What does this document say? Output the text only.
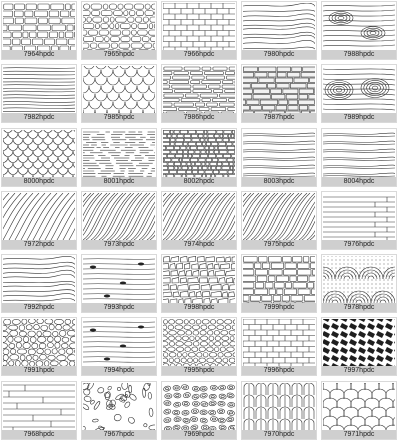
7964hpdc	7965hpdc	7966hpdc	7980hpdc	7988hpdc
7982hpdc	7985hpdc	7986hpdc	7987hpdc	7989hpdc
8000hpdc	8001hpdc	8002hpdc	8003hpdc	8004hpdc
7972hpdc	7973hpdc	7974hpdc	7975hpdc	7976hpdc
7992hpdc	7993hpdc	7998hpdc	7999hpdc	7978hpdc
7991hpdc	7994hpdc	7995hpdc	7996hpdc	7997hpdc
7968hpdc	7967hpdc	7969hpdc	7970hpdc	7971hpdc
